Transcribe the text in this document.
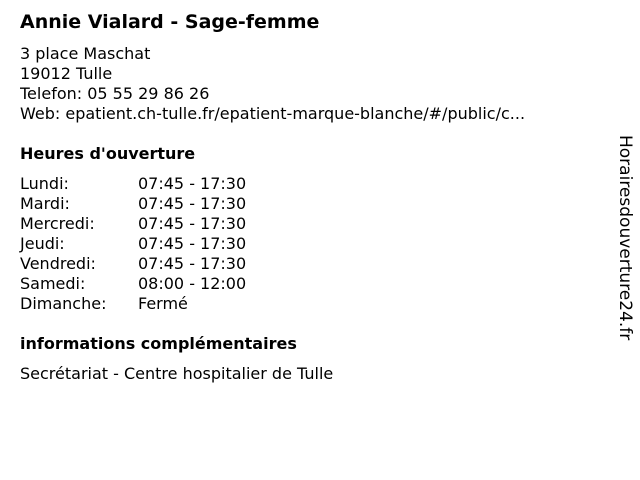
Annie Vialard - Sage-femme
3 place Maschat
19012 Tulle
Telefon: 05 55 29 86 26
Web: epatient.ch-tulle.fr/epatient-marque-blanche/#/public/c...
Heures d'ouverture
Lundi:	07:45 - 17:30
Mardi:	07:45 - 17:30
Mercredi:	07:45 - 17:30
Jeudi:	07:45 - 17:30
Vendredi:	07:45 - 17:30
Samedi:	08:00 - 12:00
Dimanche:	Fermé
informations complémentaires
Secrétariat - Centre hospitalier de Tulle
Horairesdouverture24.fr
